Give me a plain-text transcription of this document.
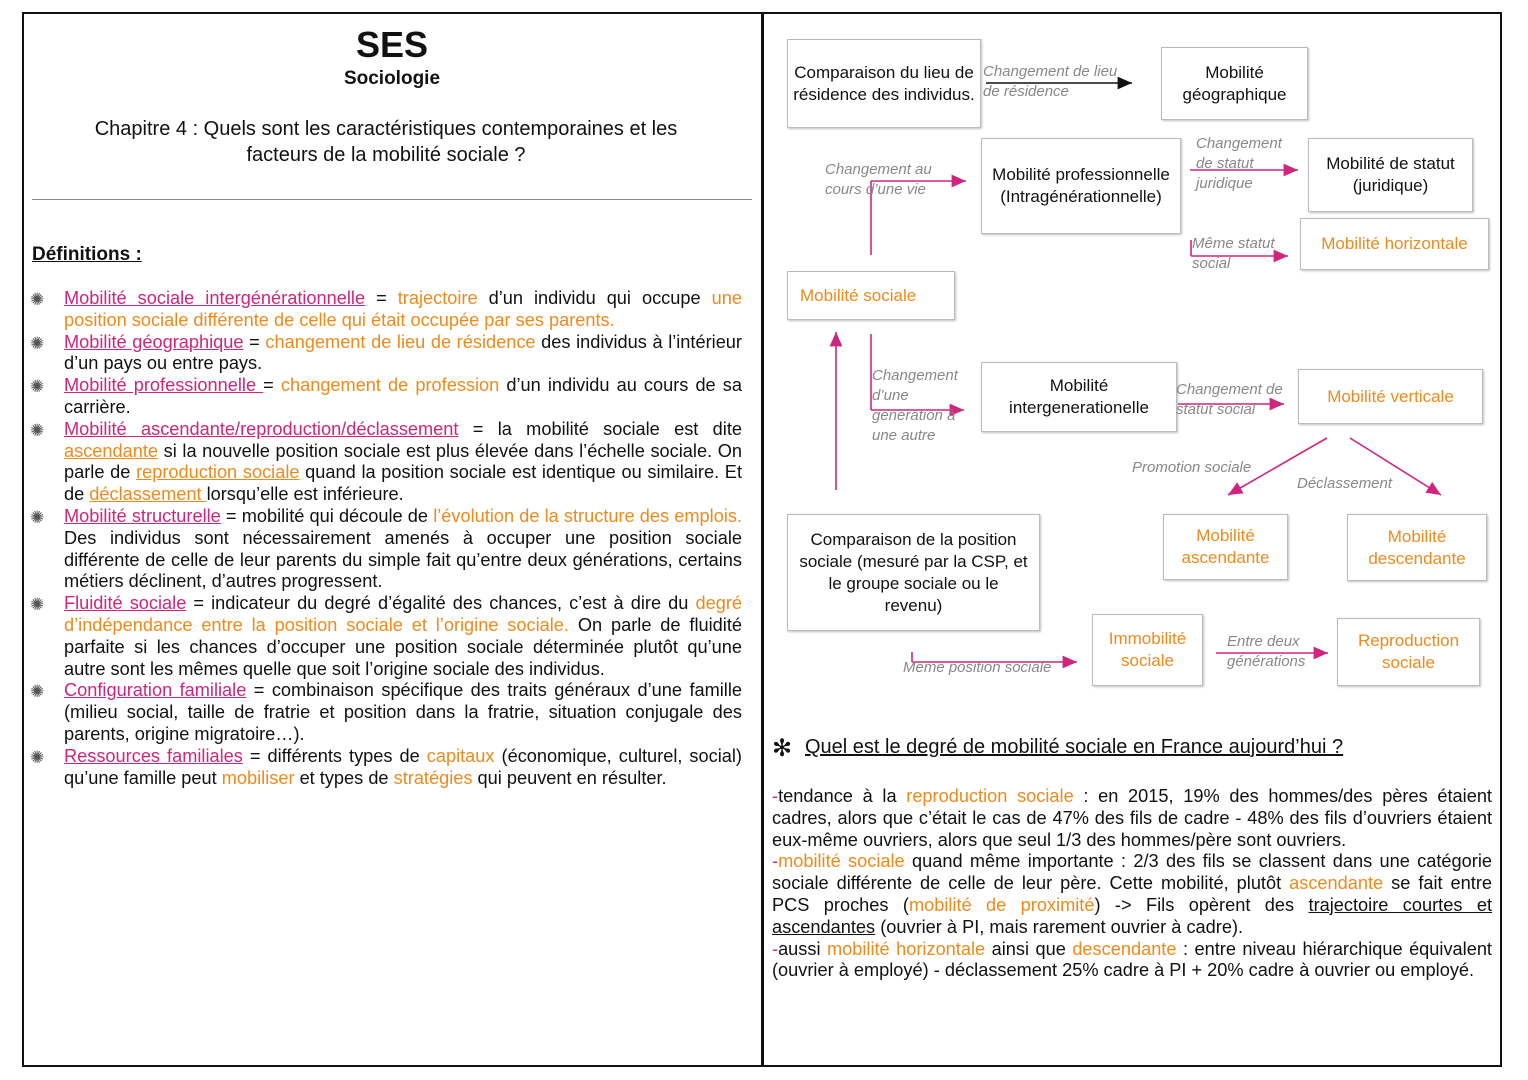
SES
Sociologie
Chapitre 4 : Quels sont les caractéristiques contemporaines et les facteurs de la mobilité sociale ?
Définitions :
✺ Mobilité sociale intergénérationnelle = trajectoire d’un individu qui occupe une position sociale différente de celle qui était occupée par ses parents.
✺ Mobilité géographique = changement de lieu de résidence des individus à l’intérieur d’un pays ou entre pays.
✺ Mobilité professionnelle = changement de profession d’un individu au cours de sa carrière.
✺ Mobilité ascendante/reproduction/déclassement = la mobilité sociale est dite ascendante si la nouvelle position sociale est plus élevée dans l’échelle sociale. On parle de reproduction sociale quand la position sociale est identique ou similaire. Et de déclassement lorsqu’elle est inférieure.
✺ Mobilité structurelle = mobilité qui découle de l’évolution de la structure des emplois. Des individus sont nécessairement amenés à occuper une position sociale différente de celle de leur parents du simple fait qu’entre deux générations, certains métiers déclinent, d’autres progressent.
✺ Fluidité sociale = indicateur du degré d’égalité des chances, c’est à dire du degré d’indépendance entre la position sociale et l’origine sociale. On parle de fluidité parfaite si les chances d’occuper une position sociale déterminée plutôt qu’une autre sont les mêmes quelle que soit l’origine sociale des individus.
✺ Configuration familiale = combinaison spécifique des traits généraux d’une famille (milieu social, taille de fratrie et position dans la fratrie, situation conjugale des parents, origine migratoire…).
✺ Ressources familiales = différents types de capitaux (économique, culturel, social) qu’une famille peut mobiliser et types de stratégies qui peuvent en résulter.
Comparaison du lieu de résidence des individus.
Mobilité géographique
Mobilité professionnelle (Intragénérationnelle)
Mobilité de statut (juridique)
Mobilité horizontale
Mobilité sociale
Mobilité intergenerationelle
Mobilité verticale
Comparaison de la position sociale (mesuré par la CSP, et le groupe sociale ou le revenu)
Mobilité ascendante
Mobilité descendante
Immobilité sociale
Reproduction sociale
Changement de lieu de résidence
Changement au cours d’une vie
Changement de statut juridique
Même statut social
Changement d’une génération à une autre
Changement de statut social
Promotion sociale
Déclassement
Même position sociale
Entre deux générations
✻ Quel est le degré de mobilité sociale en France aujourd’hui ?

-tendance à la reproduction sociale : en 2015, 19% des hommes/des pères étaient cadres, alors que c’était le cas de 47% des fils de cadre - 48% des fils d’ouvriers étaient eux-même ouvriers, alors que seul 1/3 des hommes/père sont ouvriers.

-mobilité sociale quand même importante : 2/3 des fils se classent dans une catégorie sociale différente de celle de leur père. Cette mobilité, plutôt ascendante se fait entre PCS proches (mobilité de proximité) -> Fils opèrent des trajectoire courtes et ascendantes (ouvrier à PI, mais rarement ouvrier à cadre).

-aussi mobilité horizontale ainsi que descendante : entre niveau hiérarchique équivalent (ouvrier à employé) - déclassement 25% cadre à PI + 20% cadre à ouvrier ou employé.
